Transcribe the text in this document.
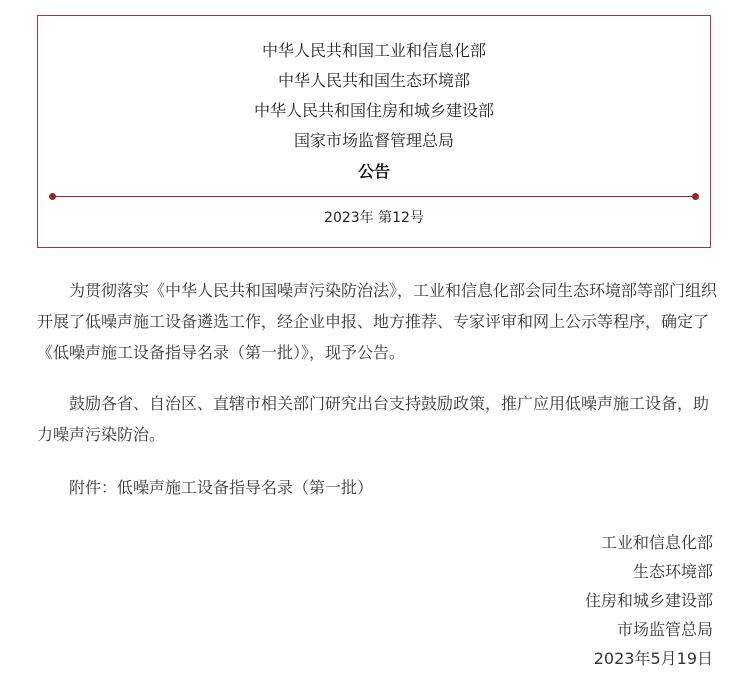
中华人民共和国工业和信息化部
中华人民共和国生态环境部
中华人民共和国住房和城乡建设部
国家市场监督管理总局
公告
2023年 第12号

为贯彻落实《中华人民共和国噪声污染防治法》，工业和信息化部会同生态环境部等部门组织开展了低噪声施工设备遴选工作，经企业申报、地方推荐、专家评审和网上公示等程序，确定了《低噪声施工设备指导名录（第一批）》，现予公告。

鼓励各省、自治区、直辖市相关部门研究出台支持鼓励政策，推广应用低噪声施工设备，助力噪声污染防治。

附件：低噪声施工设备指导名录（第一批）

工业和信息化部
生态环境部
住房和城乡建设部
市场监管总局
2023年5月19日
